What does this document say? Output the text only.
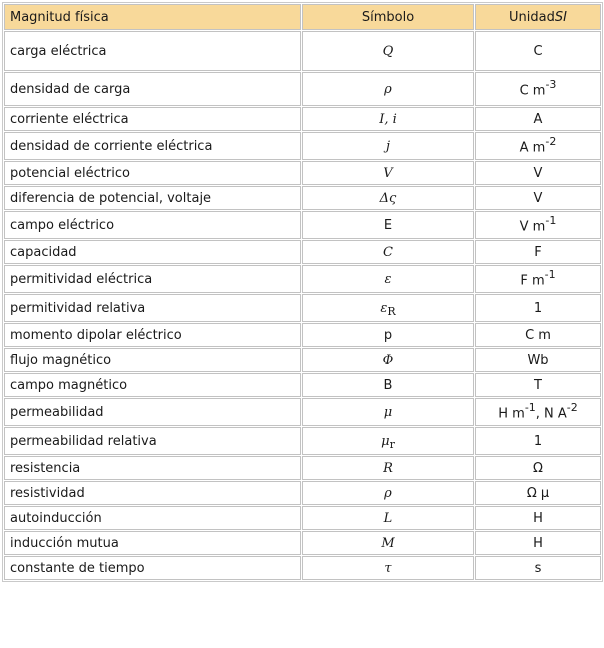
Magnitud física	Símbolo	UnidadSI
carga eléctrica	Q	C
densidad de carga	ρ	C $m^{-3}$
corriente eléctrica	I, i	A
densidad de corriente eléctrica	j	A $m^{-2}$
potencial eléctrico	V	V
diferencia de potencial, voltaje	Δς	V
campo eléctrico	E	V $m^{-1}$
capacidad	C	F
permitividad eléctrica	ε	F $m^{-1}$
permitividad relativa	$\varepsilon_R$	1
momento dipolar eléctrico	p	C m
flujo magnético	Φ	Wb
campo magnético	B	T
permeabilidad	μ	H $m^{-1}$, N $A^{-2}$
permeabilidad relativa	$\mu_r$	1
resistencia	R	Ω
resistividad	ρ	Ω μ
autoinducción	L	H
inducción mutua	M	H
constante de tiempo	τ	s
